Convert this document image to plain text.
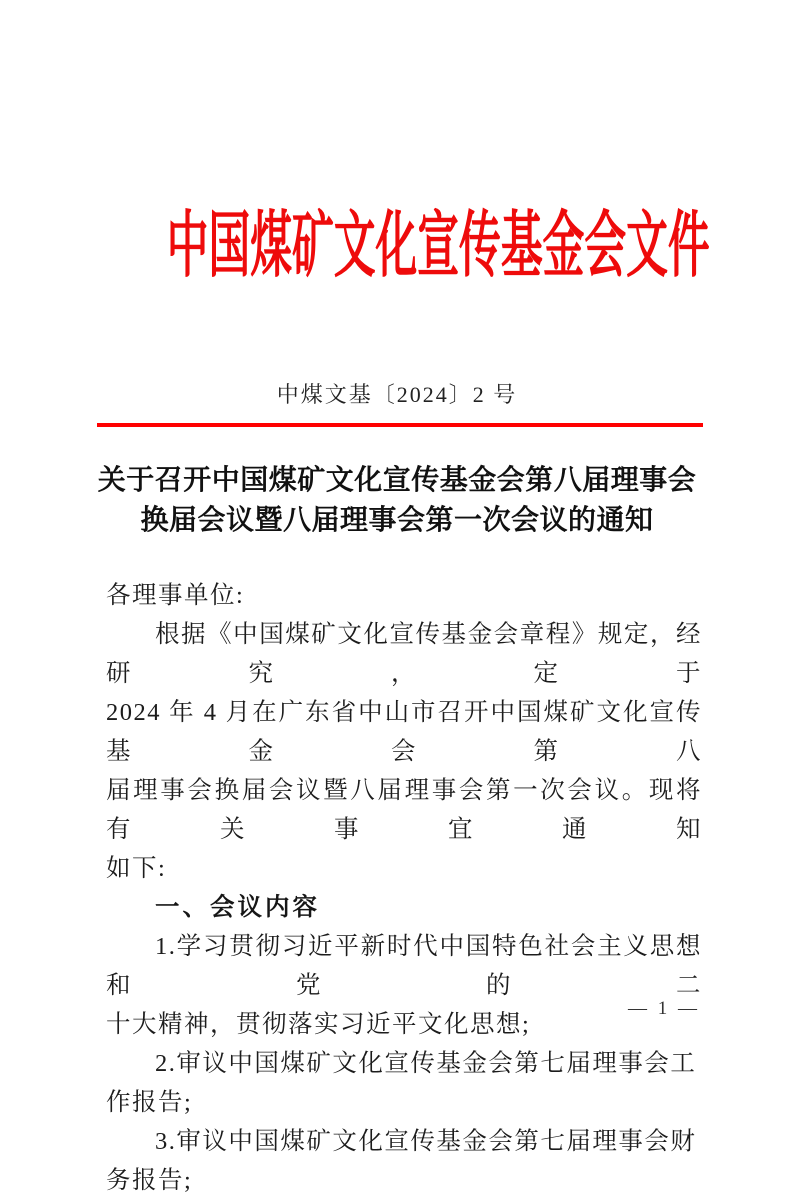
中国煤矿文化宣传基金会文件
中煤文基〔2024〕2 号
关于召开中国煤矿文化宣传基金会第八届理事会
换届会议暨八届理事会第一次会议的通知
各理事单位:
根据《中国煤矿文化宣传基金会章程》规定，经研究，定于
2024 年 4 月在广东省中山市召开中国煤矿文化宣传基金会第八
届理事会换届会议暨八届理事会第一次会议。现将有关事宜通知
如下:
一、会议内容
1.学习贯彻习近平新时代中国特色社会主义思想和党的二
十大精神，贯彻落实习近平文化思想;
2.审议中国煤矿文化宣传基金会第七届理事会工作报告;
3.审议中国煤矿文化宣传基金会第七届理事会财务报告;
— 1 —
